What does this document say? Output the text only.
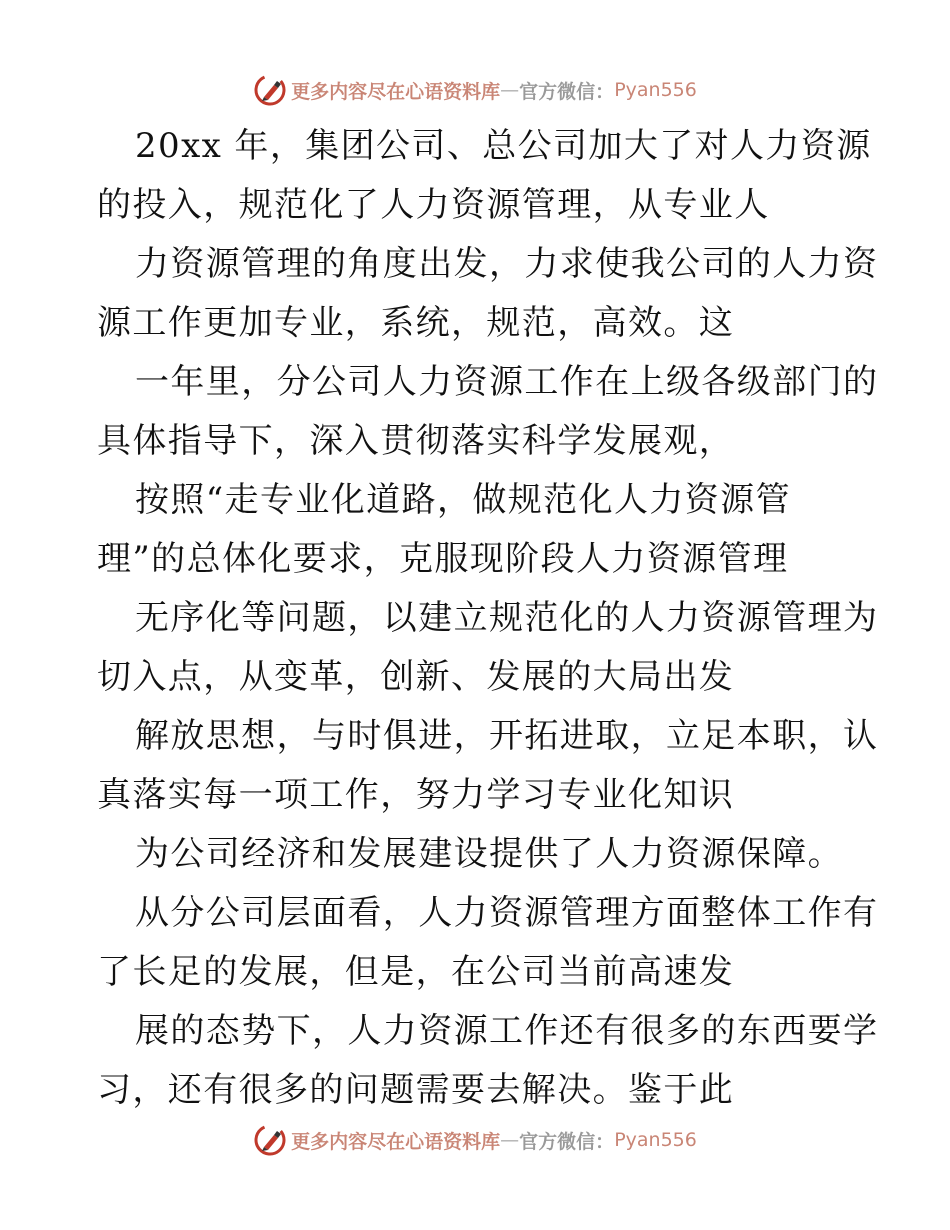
更多内容尽在心语资料库 — 官方微信： Pyan556
20xx 年，集团公司、总公司加大了对人力资源
的投入，规范化了人力资源管理，从专业人
力资源管理的角度出发，力求使我公司的人力资
源工作更加专业，系统，规范，高效。这
一年里，分公司人力资源工作在上级各级部门的
具体指导下，深入贯彻落实科学发展观，
按照“走专业化道路，做规范化人力资源管
理”的总体化要求，克服现阶段人力资源管理
无序化等问题，以建立规范化的人力资源管理为
切入点，从变革，创新、发展的大局出发
解放思想，与时俱进，开拓进取，立足本职，认
真落实每一项工作，努力学习专业化知识
为公司经济和发展建设提供了人力资源保障。
从分公司层面看，人力资源管理方面整体工作有
了长足的发展，但是，在公司当前高速发
展的态势下，人力资源工作还有很多的东西要学
习，还有很多的问题需要去解决。鉴于此
更多内容尽在心语资料库 — 官方微信： Pyan556
